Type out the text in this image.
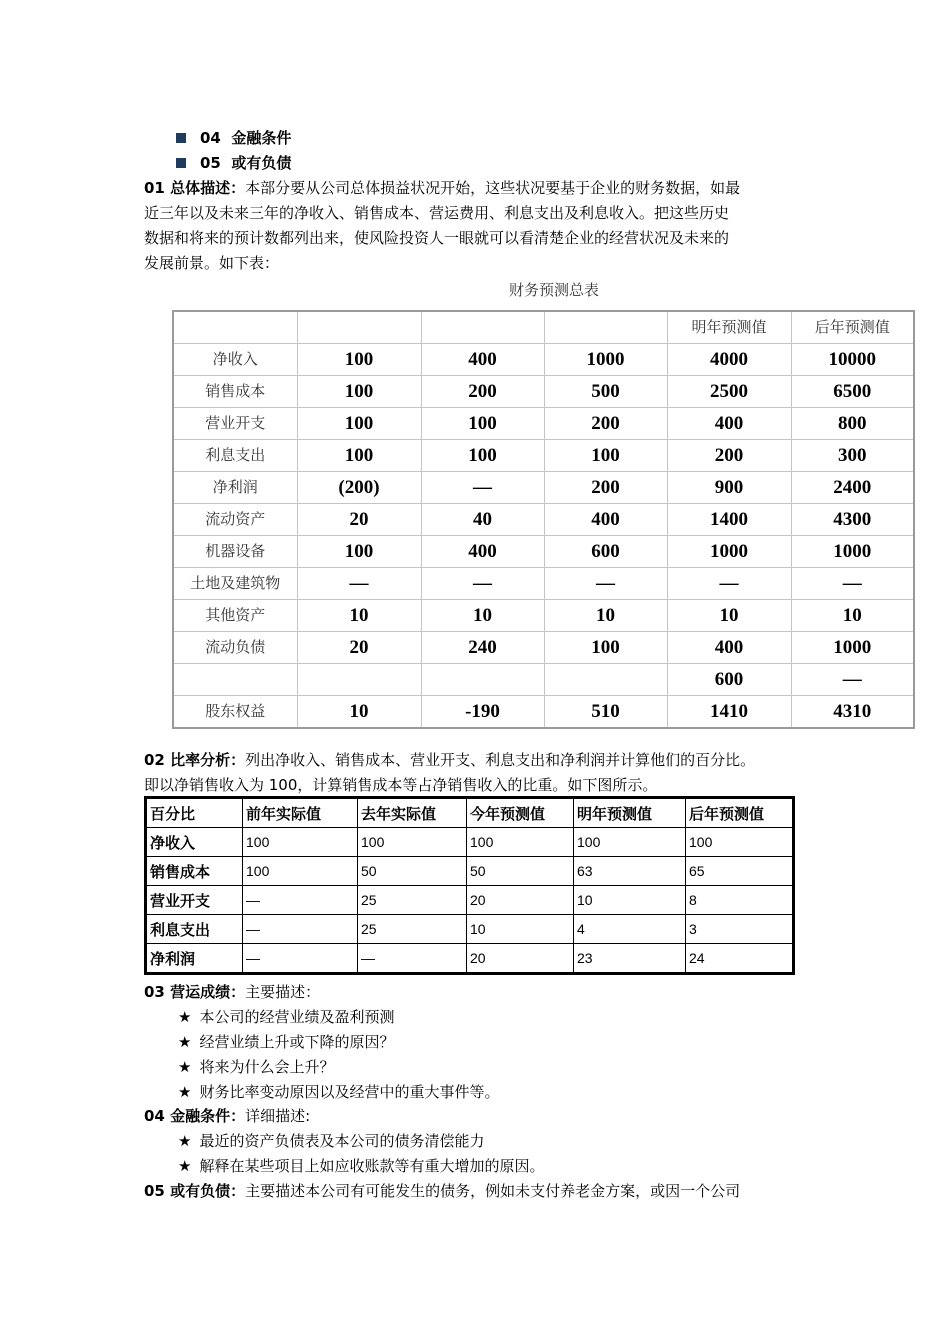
04 金融条件
05 或有负债
01 总体描述：本部分要从公司总体损益状况开始，这些状况要基于企业的财务数据，如最
近三年以及未来三年的净收入、销售成本、营运费用、利息支出及利息收入。把这些历史
数据和将来的预计数都列出来，使风险投资人一眼就可以看清楚企业的经营状况及未来的
发展前景。如下表：
财务预测总表
				明年预测值	后年预测值
净收入	100	400	1000	4000	10000
销售成本	100	200	500	2500	6500
营业开支	100	100	200	400	800
利息支出	100	100	100	200	300
净利润	(200)	—	200	900	2400
流动资产	20	40	400	1400	4300
机器设备	100	400	600	1000	1000
土地及建筑物	—	—	—	—	—
其他资产	10	10	10	10	10
流动负债	20	240	100	400	1000
				600	—
股东权益	10	-190	510	1410	4310
02 比率分析：列出净收入、销售成本、营业开支、利息支出和净利润并计算他们的百分比。
即以净销售收入为 100，计算销售成本等占净销售收入的比重。如下图所示。
百分比	前年实际值	去年实际值	今年预测值	明年预测值	后年预测值
净收入	100	100	100	100	100
销售成本	100	50	50	63	65
营业开支	—	25	20	10	8
利息支出	—	25	10	4	3
净利润	—	—	20	23	24
03 营运成绩：主要描述：
★ 本公司的经营业绩及盈利预测
★ 经营业绩上升或下降的原因？
★ 将来为什么会上升？
★ 财务比率变动原因以及经营中的重大事件等。
04 金融条件：详细描述:
★ 最近的资产负债表及本公司的债务清偿能力
★ 解释在某些项目上如应收账款等有重大增加的原因。
05 或有负债：主要描述本公司有可能发生的债务，例如未支付养老金方案，或因一个公司
